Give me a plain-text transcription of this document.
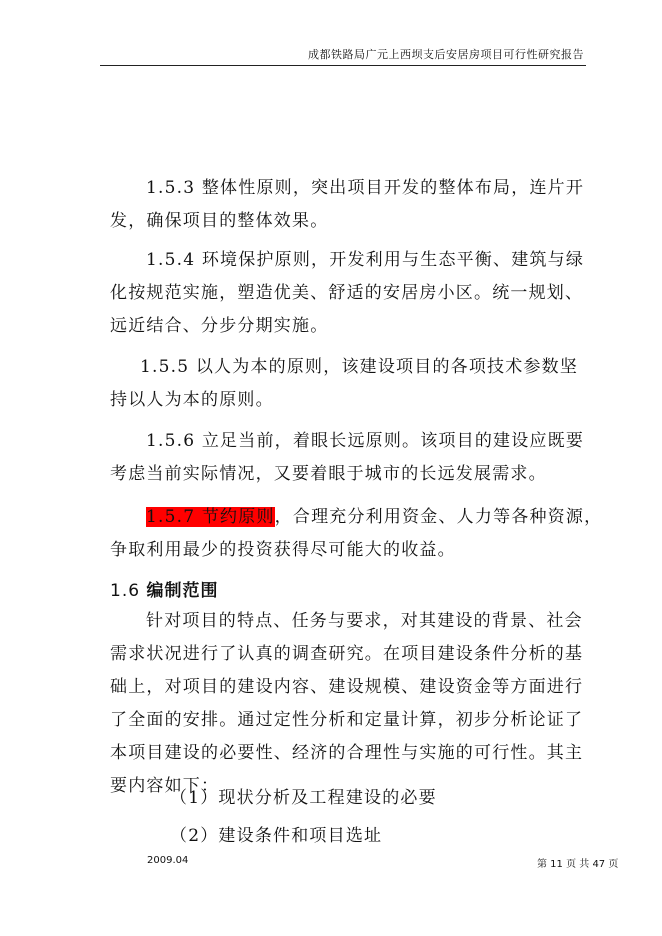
成都铁路局广元上西坝支后安居房项目可行性研究报告
1.5.3 整体性原则，突出项目开发的整体布局，连片开
发，确保项目的整体效果。
1.5.4 环境保护原则，开发利用与生态平衡、建筑与绿
化按规范实施，塑造优美、舒适的安居房小区。统一规划、
远近结合、分步分期实施。
1.5.5 以人为本的原则，该建设项目的各项技术参数坚
持以人为本的原则。
1.5.6 立足当前，着眼长远原则。该项目的建设应既要
考虑当前实际情况，又要着眼于城市的长远发展需求。
1.5.7 节约原则，合理充分利用资金、人力等各种资源，
争取利用最少的投资获得尽可能大的收益。
1.6 编制范围
针对项目的特点、任务与要求，对其建设的背景、社会
需求状况进行了认真的调查研究。在项目建设条件分析的基
础上，对项目的建设内容、建设规模、建设资金等方面进行
了全面的安排。通过定性分析和定量计算，初步分析论证了
本项目建设的必要性、经济的合理性与实施的可行性。其主
要内容如下：
（1）现状分析及工程建设的必要
（2）建设条件和项目选址
2009.04	第 11 页 共 47 页
